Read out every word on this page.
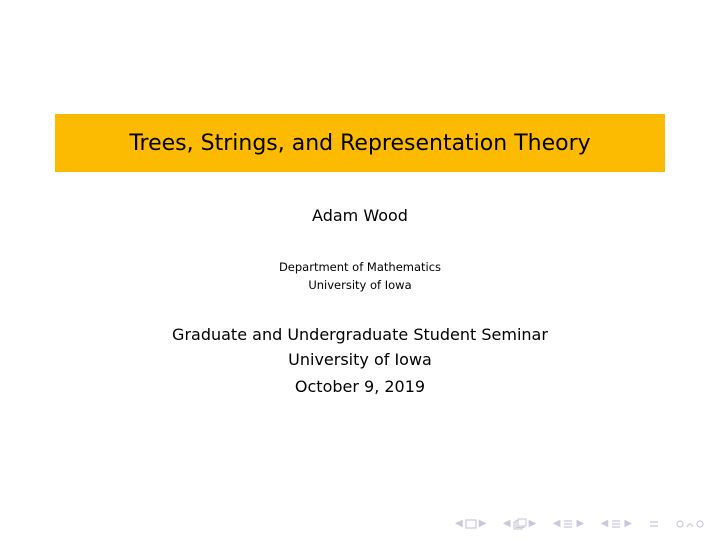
Trees, Strings, and Representation Theory
Adam Wood
Department of Mathematics
University of Iowa
Graduate and Undergraduate Student Seminar
University of Iowa
October 9, 2019
◀ ▶ ◀ ▶ ◀ ▶ ◀ ▶
